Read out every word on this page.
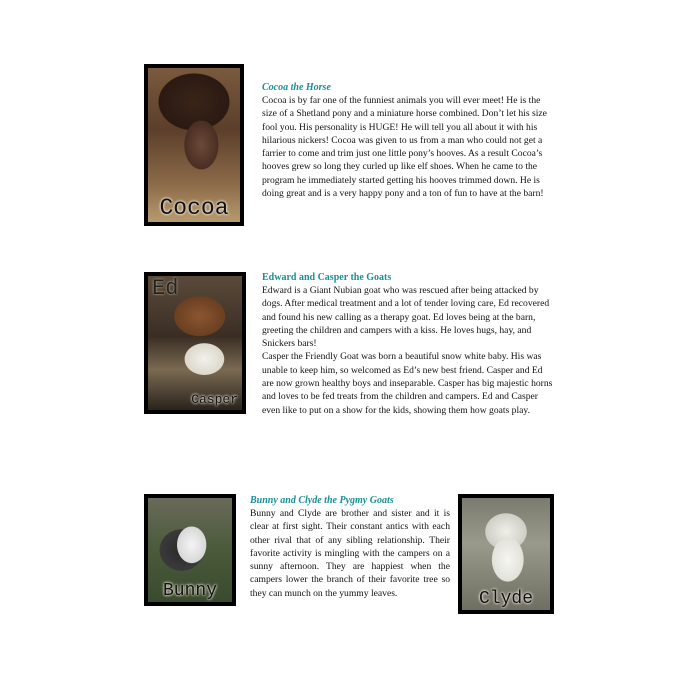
Cocoa
Cocoa the Horse

Cocoa is by far one of the funniest animals you will ever meet! He is the size of a Shetland pony and a miniature horse combined. Don’t let his size fool you. His personality is HUGE! He will tell you all about it with his hilarious nickers! Cocoa was given to us from a man who could not get a farrier to come and trim just one little pony’s hooves. As a result Cocoa’s hooves grew so long they curled up like elf shoes. When he came to the program he immediately started getting his hooves trimmed down. He is doing great and is a very happy pony and a ton of fun to have at the barn!

Ed
Casper
Edward and Casper the Goats

Edward is a Giant Nubian goat who was rescued after being attacked by dogs. After medical treatment and a lot of tender loving care, Ed recovered and found his new calling as a therapy goat. Ed loves being at the barn, greeting the children and campers with a kiss. He loves hugs, hay, and Snickers bars!

Casper the Friendly Goat was born a beautiful snow white baby. His was unable to keep him, so welcomed as Ed’s new best friend. Casper and Ed are now grown healthy boys and inseparable. Casper has big majestic horns and loves to be fed treats from the children and campers. Ed and Casper even like to put on a show for the kids, showing them how goats play.

Bunny
Bunny and Clyde the Pygmy Goats

Bunny and Clyde are brother and sister and it is clear at first sight. Their constant antics with each other rival that of any sibling relationship. Their favorite activity is mingling with the campers on a sunny afternoon. They are happiest when the campers lower the branch of their favorite tree so they can munch on the yummy leaves.	Clyde
